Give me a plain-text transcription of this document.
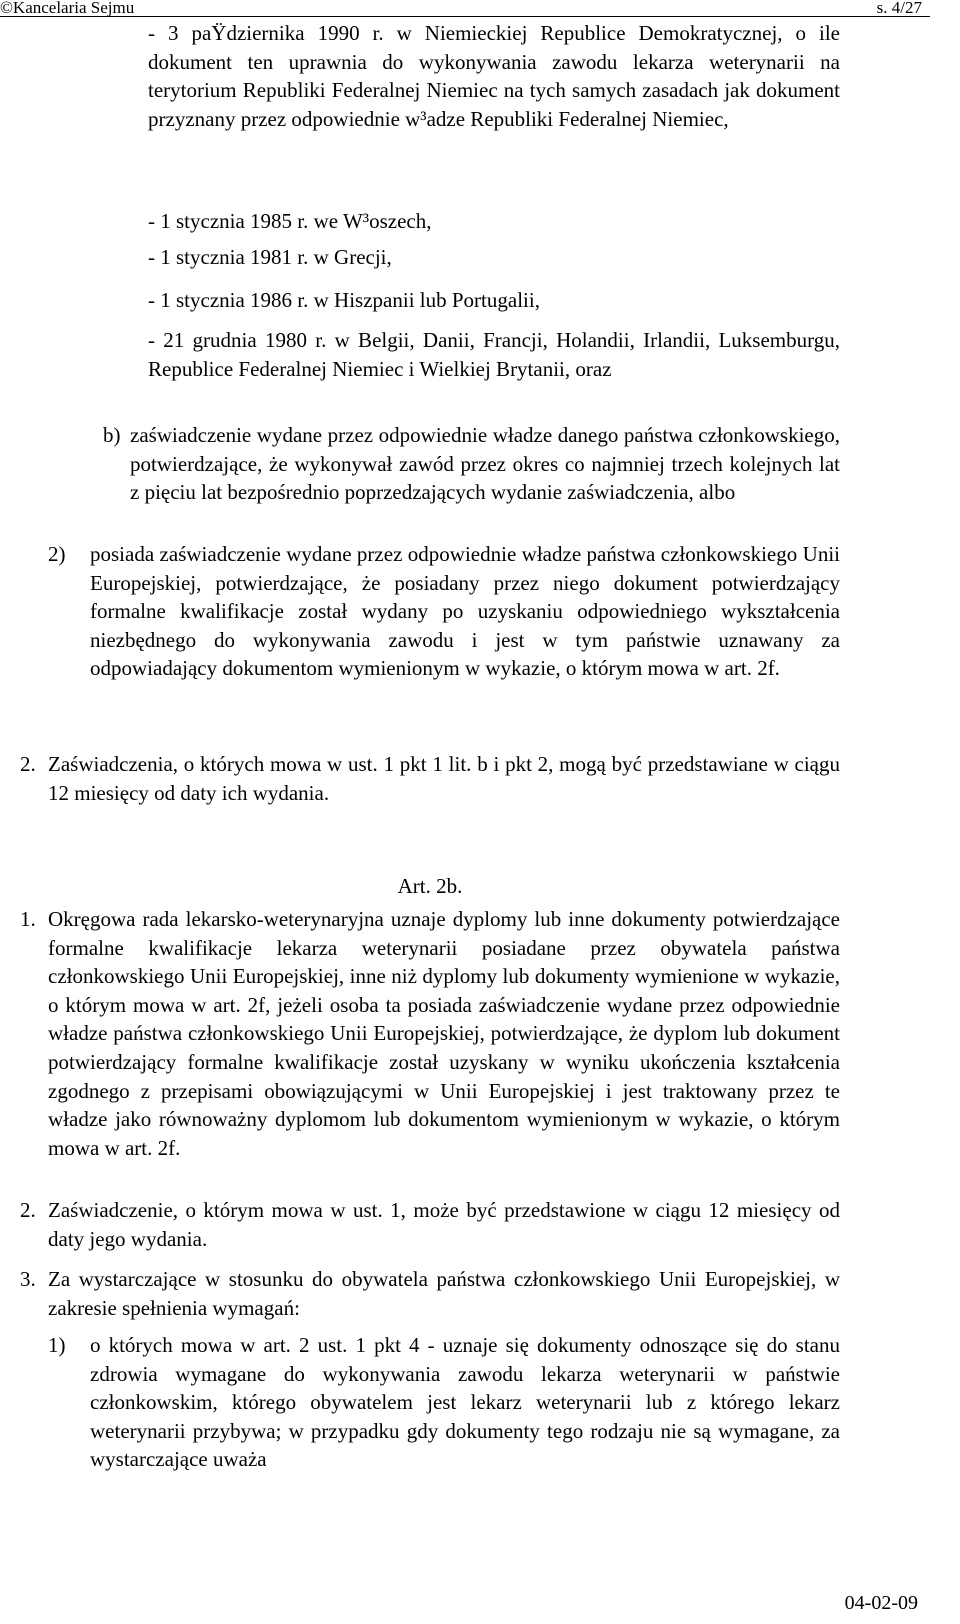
©Kancelaria Sejmu	s. 4/27

- 3 paŸdziernika 1990 r. w Niemieckiej Republice Demokratycznej, o ile dokument ten uprawnia do wykonywania zawodu lekarza weterynarii na terytorium Republiki Federalnej Niemiec na tych samych zasadach jak dokument przyznany przez odpowiednie w³adze Republiki Federalnej Niemiec,

- 1 stycznia 1985 r. we W³oszech,

- 1 stycznia 1981 r. w Grecji,

- 1 stycznia 1986 r. w Hiszpanii lub Portugalii,

- 21 grudnia 1980 r. w Belgii, Danii, Francji, Holandii, Irlandii, Luksemburgu, Republice Federalnej Niemiec i Wielkiej Brytanii, oraz

b) zaświadczenie wydane przez odpowiednie władze danego państwa członkowskiego, potwierdzające, że wykonywał zawód przez okres co najmniej trzech kolejnych lat z pięciu lat bezpośrednio poprzedzających wydanie zaświadczenia, albo

2) posiada zaświadczenie wydane przez odpowiednie władze państwa członkowskiego Unii Europejskiej, potwierdzające, że posiadany przez niego dokument potwierdzający formalne kwalifikacje został wydany po uzyskaniu odpowiedniego wykształcenia niezbędnego do wykonywania zawodu i jest w tym państwie uznawany za odpowiadający dokumentom wymienionym w wykazie, o którym mowa w art. 2f.

2. Zaświadczenia, o których mowa w ust. 1 pkt 1 lit. b i pkt 2, mogą być przedstawiane w ciągu 12 miesięcy od daty ich wydania.

Art. 2b.

1. Okręgowa rada lekarsko-weterynaryjna uznaje dyplomy lub inne dokumenty potwierdzające formalne kwalifikacje lekarza weterynarii posiadane przez obywatela państwa członkowskiego Unii Europejskiej, inne niż dyplomy lub dokumenty wymienione w wykazie, o którym mowa w art. 2f, jeżeli osoba ta posiada zaświadczenie wydane przez odpowiednie władze państwa członkowskiego Unii Europejskiej, potwierdzające, że dyplom lub dokument potwierdzający formalne kwalifikacje został uzyskany w wyniku ukończenia kształcenia zgodnego z przepisami obowiązującymi w Unii Europejskiej i jest traktowany przez te władze jako równoważny dyplomom lub dokumentom wymienionym w wykazie, o którym mowa w art. 2f.

2. Zaświadczenie, o którym mowa w ust. 1, może być przedstawione w ciągu 12 miesięcy od daty jego wydania.

3. Za wystarczające w stosunku do obywatela państwa członkowskiego Unii Europejskiej, w zakresie spełnienia wymagań:

1) o których mowa w art. 2 ust. 1 pkt 4 - uznaje się dokumenty odnoszące się do stanu zdrowia wymagane do wykonywania zawodu lekarza weterynarii w państwie członkowskim, którego obywatelem jest lekarz weterynarii lub z którego lekarz weterynarii przybywa; w przypadku gdy dokumenty tego rodzaju nie są wymagane, za wystarczające uważa

04-02-09
